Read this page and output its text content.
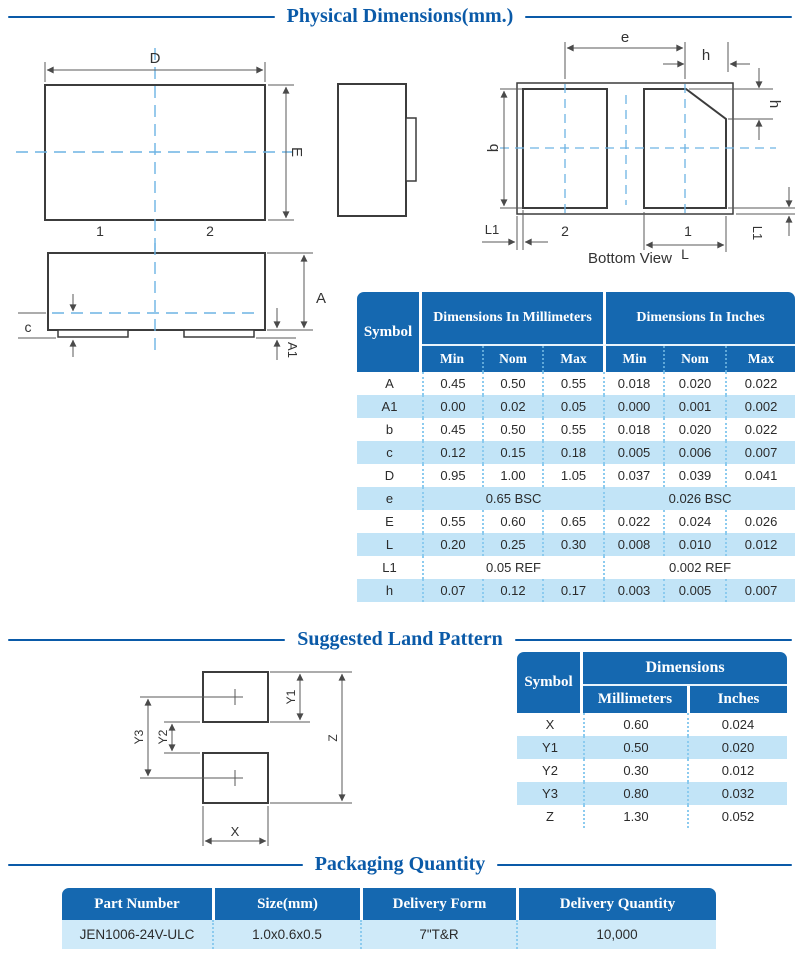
Physical Dimensions(mm.)
Suggested Land Pattern
Packaging Quantity
D
E
1	2
e
h
h
b
L1	2	1
L
L1
Bottom View
c
A
A1
Y1
Z
Y3 Y2
X
Symbol	Dimensions In Millimeters			Dimensions In Inches		
	Min	Nom	Max	Min	Nom	Max
A	0.45	0.50	0.55	0.018	0.020	0.022
A1	0.00	0.02	0.05	0.000	0.001	0.002
b	0.45	0.50	0.55	0.018	0.020	0.022
c	0.12	0.15	0.18	0.005	0.006	0.007
D	0.95	1.00	1.05	0.037	0.039	0.041
e	0.65 BSC			0.026 BSC		
E	0.55	0.60	0.65	0.022	0.024	0.026
L	0.20	0.25	0.30	0.008	0.010	0.012
L1	0.05 REF			0.002 REF		
h	0.07	0.12	0.17	0.003	0.005	0.007
Symbol	Dimensions	
	Millimeters	Inches
X	0.60	0.024
Y1	0.50	0.020
Y2	0.30	0.012
Y3	0.80	0.032
Z	1.30	0.052
Part Number	Size(mm)	Delivery Form	Delivery Quantity
JEN1006-24V-ULC	1.0x0.6x0.5	7"T&R	10,000
